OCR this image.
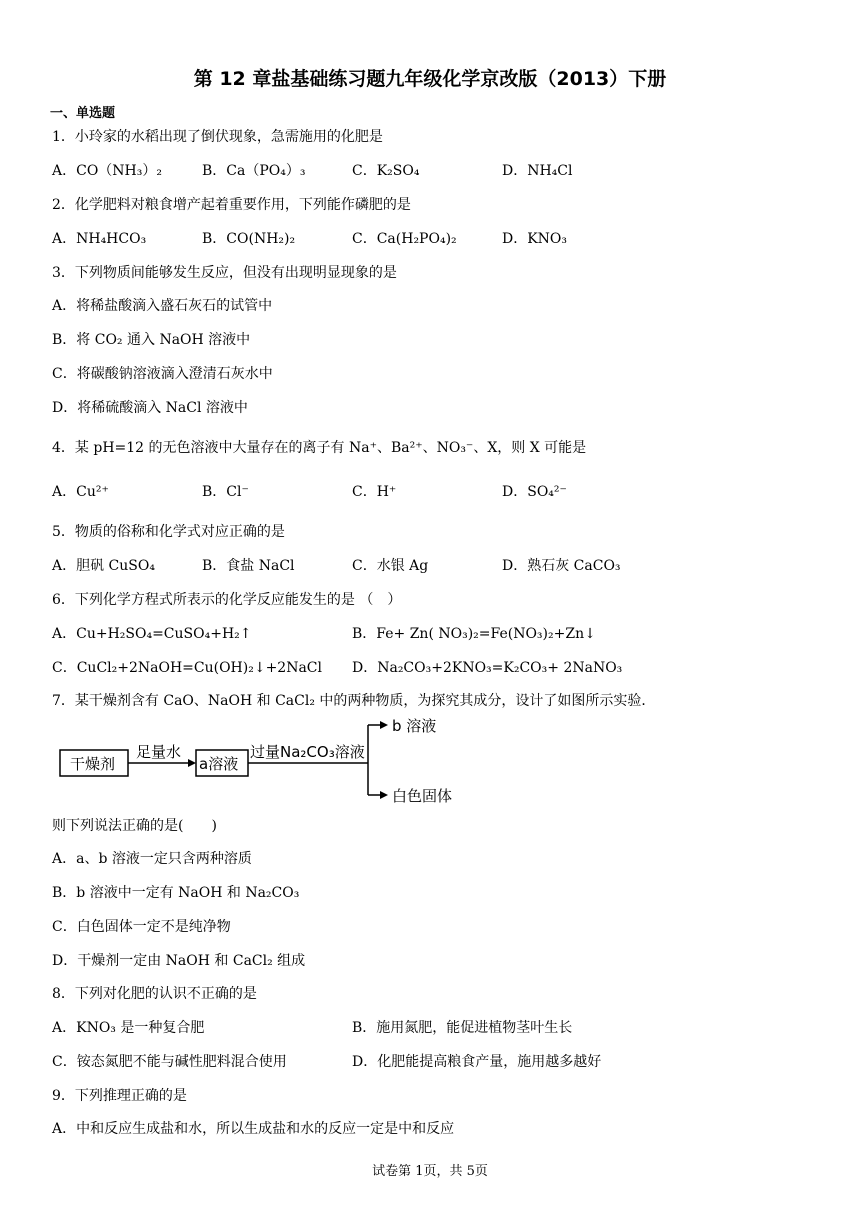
第 12 章盐基础练习题九年级化学京改版（2013）下册
一、单选题
1．小玲家的水稻出现了倒伏现象，急需施用的化肥是
A．CO（NH₃）₂	B．Ca（PO₄）₃	C．K₂SO₄	D．NH₄Cl
2．化学肥料对粮食增产起着重要作用，下列能作磷肥的是
A．NH₄HCO₃	B．CO(NH₂)₂	C．Ca(H₂PO₄)₂	D．KNO₃
3．下列物质间能够发生反应，但没有出现明显现象的是
A．将稀盐酸滴入盛石灰石的试管中
B．将 CO₂ 通入 NaOH 溶液中
C．将碳酸钠溶液滴入澄清石灰水中
D．将稀硫酸滴入 NaCl 溶液中
4．某 pH=12 的无色溶液中大量存在的离子有 Na⁺、Ba²⁺、NO₃⁻、X，则 X 可能是
A．Cu²⁺	B．Cl⁻	C．H⁺	D．SO₄²⁻
5．物质的俗称和化学式对应正确的是
A．胆矾 CuSO₄	B．食盐 NaCl	C．水银 Ag	D．熟石灰 CaCO₃
6．下列化学方程式所表示的化学反应能发生的是 （　）
A．Cu+H₂SO₄=CuSO₄+H₂↑	B．Fe+ Zn( NO₃)₂=Fe(NO₃)₂+Zn↓
C．CuCl₂+2NaOH=Cu(OH)₂↓+2NaCl D．Na₂CO₃+2KNO₃=K₂CO₃+ 2NaNO₃
7．某干燥剂含有 CaO、NaOH 和 CaCl₂ 中的两种物质，为探究其成分，设计了如图所示实验．
干燥剂
足量水
a溶液
过量Na₂CO₃溶液
b 溶液
白色固体
则下列说法正确的是(　　)
A．a、b 溶液一定只含两种溶质
B．b 溶液中一定有 NaOH 和 Na₂CO₃
C．白色固体一定不是纯净物
D．干燥剂一定由 NaOH 和 CaCl₂ 组成
8．下列对化肥的认识不正确的是
A．KNO₃ 是一种复合肥	B．施用氮肥，能促进植物茎叶生长
C．铵态氮肥不能与碱性肥料混合使用	D．化肥能提高粮食产量，施用越多越好
9．下列推理正确的是
A．中和反应生成盐和水，所以生成盐和水的反应一定是中和反应
试卷第 1页，共 5页
